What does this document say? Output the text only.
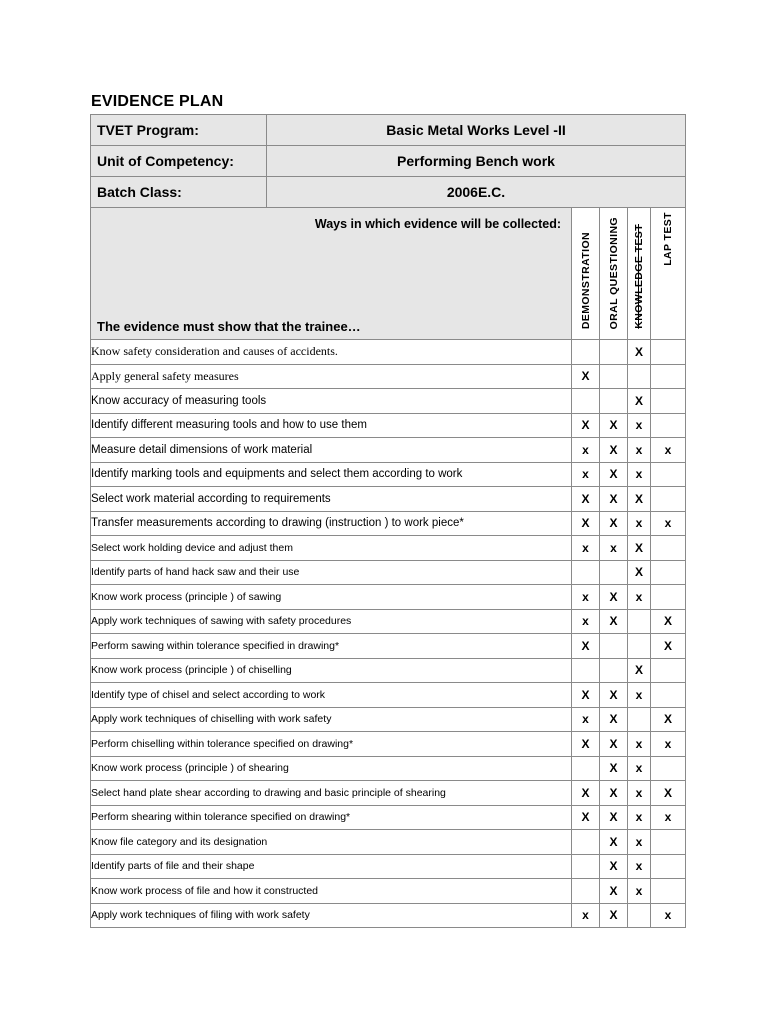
EVIDENCE PLAN
TVET Program:	Basic Metal Works Level -II				
Unit of Competency:	Performing Bench work				
Batch Class:	2006E.C.				

Ways in which evidence will be collected:
The evidence must show that the trainee…		DEMONSTRATION	ORAL QUESTIONING	KNOWLEDGE TEST	LAP TEST

Know safety consideration and causes of accidents.				X	
Apply general safety measures		X			
Know accuracy of measuring tools				X	
Identify different measuring tools and how to use them		X	X	x	
Measure detail dimensions of work material		x	X	x	x
Identify marking tools and equipments and select them according to work		x	X	x	
Select work material according to requirements		X	X	X	
Transfer measurements according to drawing (instruction ) to work piece*		X	X	x	x
Select work holding device and adjust them		x	x	X	
Identify parts of hand hack saw and their use				X	
Know work process (principle ) of sawing		x	X	x	
Apply work techniques of sawing with safety procedures		x	X		X
Perform sawing within tolerance specified in drawing*		X			X
Know work process (principle ) of chiselling				X	
Identify type of chisel and select according to work		X	X	x	
Apply work techniques of chiselling with work safety		x	X		X
Perform chiselling within tolerance specified on drawing*		X	X	x	x
Know work process (principle ) of shearing			X	x	
Select hand plate shear according to drawing and basic principle of shearing		X	X	x	X
Perform shearing within tolerance specified on drawing*		X	X	x	x
Know file category and its designation			X	x	
Identify parts of file and their shape			X	x	
Know work process of file and how it constructed			X	x	
Apply work techniques of filing with work safety		x	X		x
